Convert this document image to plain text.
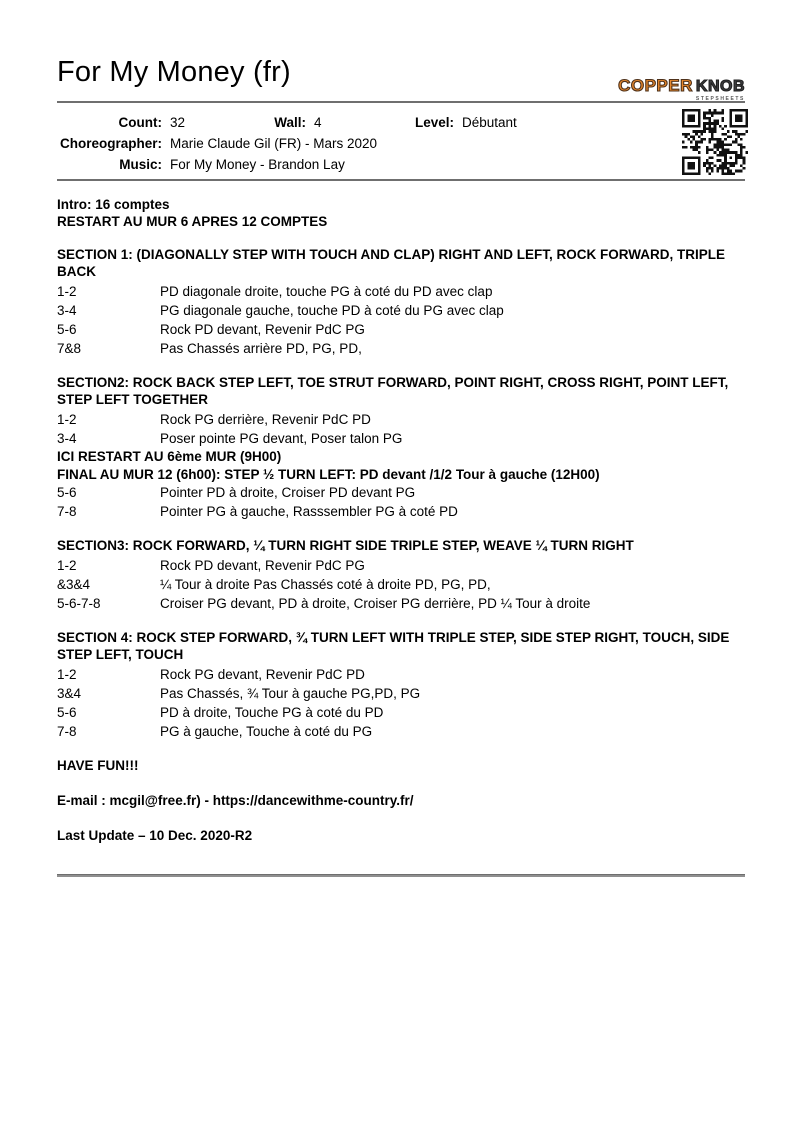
For My Money (fr)	COPPER KNOB
STEPSHEETS
Count: 32	Wall: 4	Level: Débutant
Choreographer: Marie Claude Gil (FR) - Mars 2020
Music: For My Money - Brandon Lay
Intro: 16 comptes
RESTART AU MUR 6 APRES 12 COMPTES
SECTION 1: (DIAGONALLY STEP WITH TOUCH AND CLAP) RIGHT AND LEFT, ROCK FORWARD, TRIPLE BACK
1-2	PD diagonale droite, touche PG à coté du PD avec clap
3-4	PG diagonale gauche, touche PD à coté du PG avec clap
5-6	Rock PD devant, Revenir PdC PG
7&8	Pas Chassés arrière PD, PG, PD,
SECTION2: ROCK BACK STEP LEFT, TOE STRUT FORWARD, POINT RIGHT, CROSS RIGHT, POINT LEFT, STEP LEFT TOGETHER
1-2	Rock PG derrière, Revenir PdC PD
3-4	Poser pointe PG devant, Poser talon PG
ICI RESTART AU 6ème MUR (9H00)
FINAL AU MUR 12 (6h00): STEP ½ TURN LEFT: PD devant /1/2 Tour à gauche (12H00)
5-6	Pointer PD à droite, Croiser PD devant PG
7-8	Pointer PG à gauche, Rasssembler PG à coté PD
SECTION3: ROCK FORWARD, ¼ TURN RIGHT SIDE TRIPLE STEP, WEAVE ¼ TURN RIGHT
1-2	Rock PD devant, Revenir PdC PG
&3&4	¼ Tour à droite Pas Chassés coté à droite PD, PG, PD,
5-6-7-8	Croiser PG devant, PD à droite, Croiser PG derrière, PD ¼ Tour à droite
SECTION 4: ROCK STEP FORWARD, ¾ TURN LEFT WITH TRIPLE STEP, SIDE STEP RIGHT, TOUCH, SIDE STEP LEFT, TOUCH
1-2	Rock PG devant, Revenir PdC PD
3&4	Pas Chassés, ¾ Tour à gauche PG,PD, PG
5-6	PD à droite, Touche PG à coté du PD
7-8	PG à gauche, Touche à coté du PG
HAVE FUN!!!
E-mail : mcgil@free.fr) - https://dancewithme-country.fr/
Last Update – 10 Dec. 2020-R2
